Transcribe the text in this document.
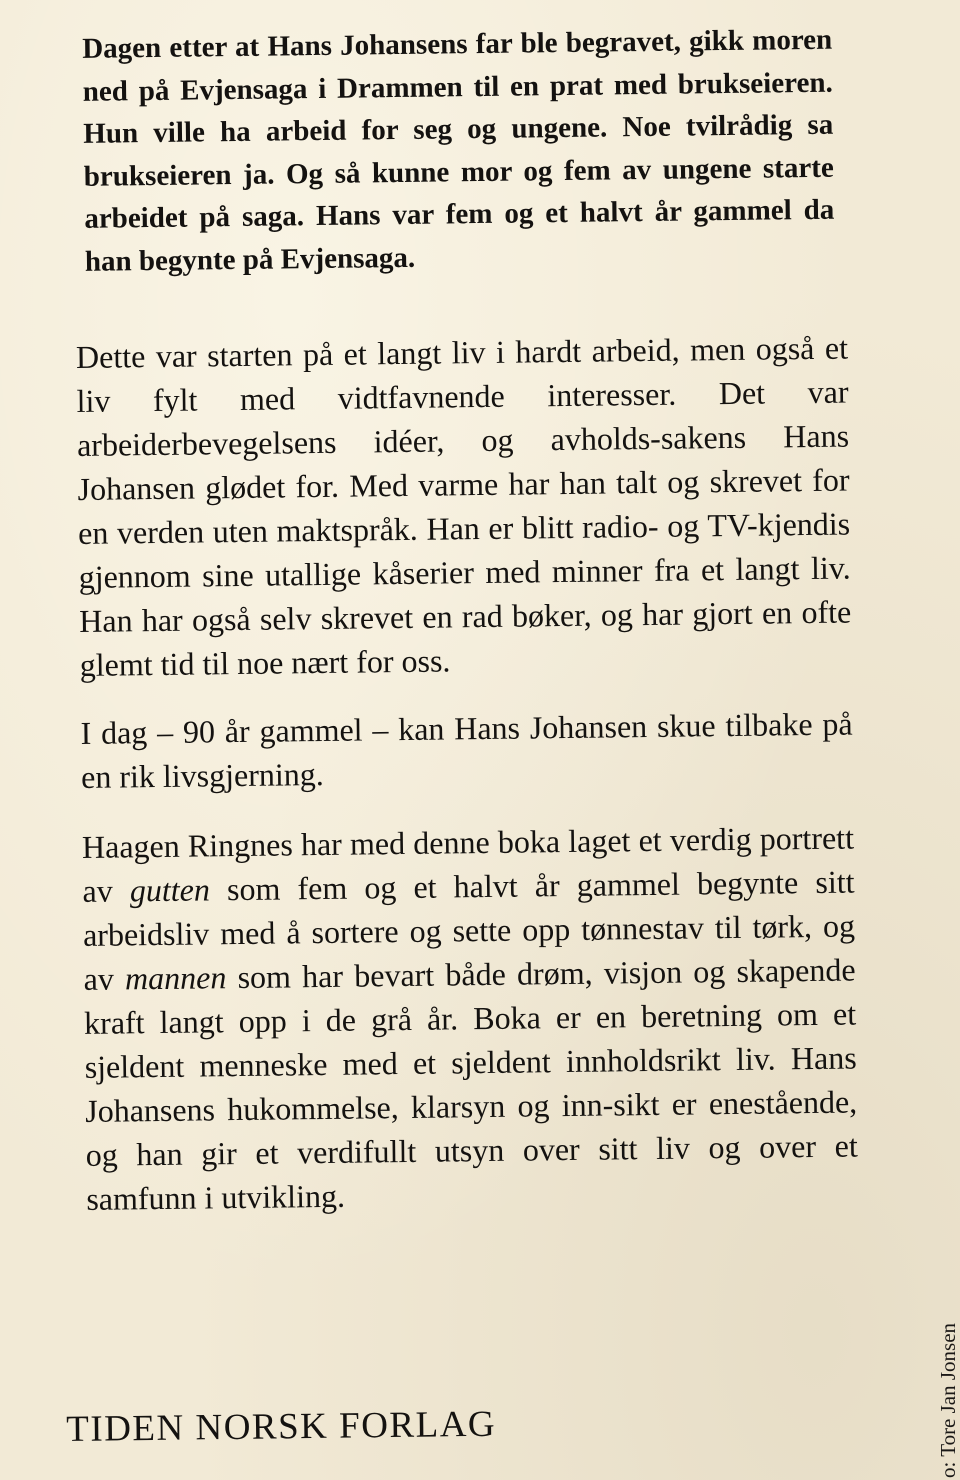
Dagen etter at Hans Johansens far ble begravet, gikk moren ned på Evjensaga i Drammen til en prat med brukseieren. Hun ville ha arbeid for seg og ungene. Noe tvilrådig sa brukseieren ja. Og så kunne mor og fem av ungene starte arbeidet på saga. Hans var fem og et halvt år gammel da han begynte på Evjensaga.

Dette var starten på et langt liv i hardt arbeid, men også et liv fylt med vidtfavnende interesser. Det var arbeiderbevegelsens idéer, og avholds-sakens Hans Johansen glødet for. Med varme har han talt og skrevet for en verden uten maktspråk. Han er blitt radio- og TV-kjendis gjennom sine utallige kåserier med minner fra et langt liv. Han har også selv skrevet en rad bøker, og har gjort en ofte glemt tid til noe nært for oss.

I dag – 90 år gammel – kan Hans Johansen skue tilbake på en rik livsgjerning.

Haagen Ringnes har med denne boka laget et verdig portrett av gutten som fem og et halvt år gammel begynte sitt arbeidsliv med å sortere og sette opp tønnestav til tørk, og av mannen som har bevart både drøm, visjon og skapende kraft langt opp i de grå år. Boka er en beretning om et sjeldent menneske med et sjeldent innholdsrikt liv. Hans Johansens hukommelse, klarsyn og inn-sikt er enestående, og han gir et verdifullt utsyn over sitt liv og over et samfunn i utvikling.

TIDEN NORSK FORLAG	o: Tore Jan Jonsen
